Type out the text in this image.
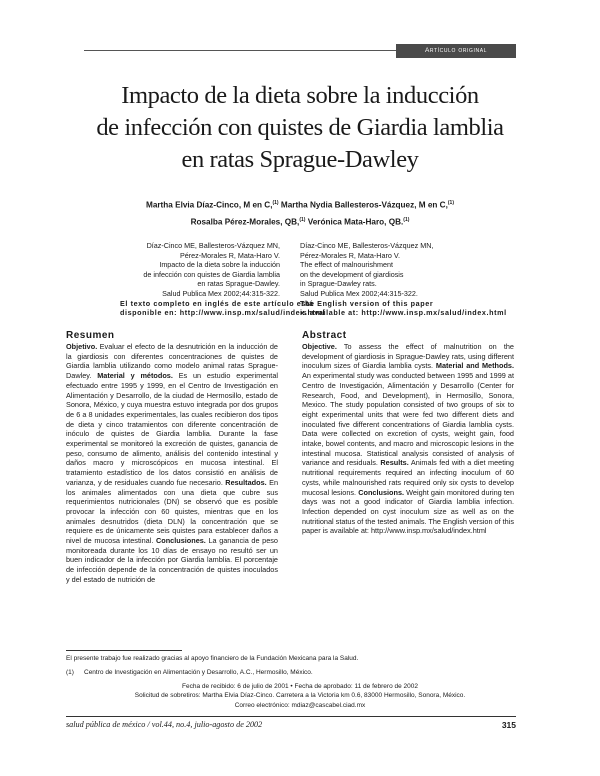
Artículo original
Impacto de la dieta sobre la inducción
de infección con quistes de Giardia lamblia
en ratas Sprague-Dawley
Martha Elvia Díaz-Cinco, M en C,$^{(1)}$ Martha Nydia Ballesteros-Vázquez, M en C,$^{(1)}$
Rosalba Pérez-Morales, QB,$^{(1)}$ Verónica Mata-Haro, QB.$^{(1)}$
Díaz-Cinco ME, Ballesteros-Vázquez MN,
Pérez-Morales R, Mata-Haro V.
Impacto de la dieta sobre la inducción
de infección con quistes de Giardia lamblia
en ratas Sprague-Dawley.
Salud Publica Mex 2002;44:315-322.
El texto completo en inglés de este artículo está
disponible en: http://www.insp.mx/salud/index.html
Díaz-Cinco ME, Ballesteros-Vázquez MN,
Pérez-Morales R, Mata-Haro V.
The effect of malnourishment
on the development of giardiosis
in Sprague-Dawley rats.
Salud Publica Mex 2002;44:315-322.
The English version of this paper
is available at: http://www.insp.mx/salud/index.html
Resumen	Abstract
Objetivo. Evaluar el efecto de la desnutrición en la inducción de la giardiosis con diferentes concentraciones de quistes de Giardia lamblia utilizando como modelo animal ratas Sprague-Dawley. Material y métodos. Es un estudio experimental efectuado entre 1995 y 1999, en el Centro de Investigación en Alimentación y Desarrollo, de la ciudad de Hermosillo, estado de Sonora, México, y cuya muestra estuvo integrada por dos grupos de 6 a 8 unidades experimentales, las cuales recibieron dos tipos de dieta y cinco tratamientos con diferente concentración de inóculo de quistes de Giardia lamblia. Durante la fase experimental se monitoreó la excreción de quistes, ganancia de peso, consumo de alimento, análisis del contenido intestinal y daños macro y microscópicos en mucosa intestinal. El tratamiento estadístico de los datos consistió en análisis de varianza, y de residuales cuando fue necesario. Resultados. En los animales alimentados con una dieta que cubre sus requerimientos nutricionales (DN) se observó que es posible provocar la infección con 60 quistes, mientras que en los animales desnutridos (dieta DLN) la concentración que se requiere es de únicamente seis quistes para establecer daños a nivel de mucosa intestinal. Conclusiones. La ganancia de peso monitoreada durante los 10 días de ensayo no resultó ser un buen indicador de la infección por Giardia lamblia. El porcentaje de infección depende de la concentración de quistes inoculados y del estado de nutrición de
Objective. To assess the effect of malnutrition on the development of giardiosis in Sprague-Dawley rats, using different inoculum sizes of Giardia lamblia cysts. Material and Methods. An experimental study was conducted between 1995 and 1999 at Centro de Investigación, Alimentación y Desarrollo (Center for Research, Food, and Development), in Hermosillo, Sonora, Mexico. The study population consisted of two groups of six to eight experimental units that were fed two different diets and inoculated five different concentrations of Giardia lamblia cysts. Data were collected on excretion of cysts, weight gain, food intake, bowel contents, and macro and microscopic lesions in the intestinal mucosa. Statistical analysis consisted of analysis of variance and residuals. Results. Animals fed with a diet meeting nutritional requirements required an infecting inoculum of 60 cysts, while malnourished rats required only six cysts to develop mucosal lesions. Conclusions. Weight gain monitored during ten days was not a good indicator of Giardia lamblia infection. Infection depended on cyst inoculum size as well as on the nutritional status of the tested animals. The English version of this paper is available at: http://www.insp.mx/salud/index.html
El presente trabajo fue realizado gracias al apoyo financiero de la Fundación Mexicana para la Salud.
(1) Centro de Investigación en Alimentación y Desarrollo, A.C., Hermosillo, México.
Fecha de recibido: 6 de julio de 2001 • Fecha de aprobado: 11 de febrero de 2002
Solicitud de sobretiros: Martha Elvia Díaz-Cinco. Carretera a la Victoria km 0.6, 83000 Hermosillo, Sonora, México.
Correo electrónico: mdiaz@cascabel.ciad.mx
salud pública de méxico / vol.44, no.4, julio-agosto de 2002	315
